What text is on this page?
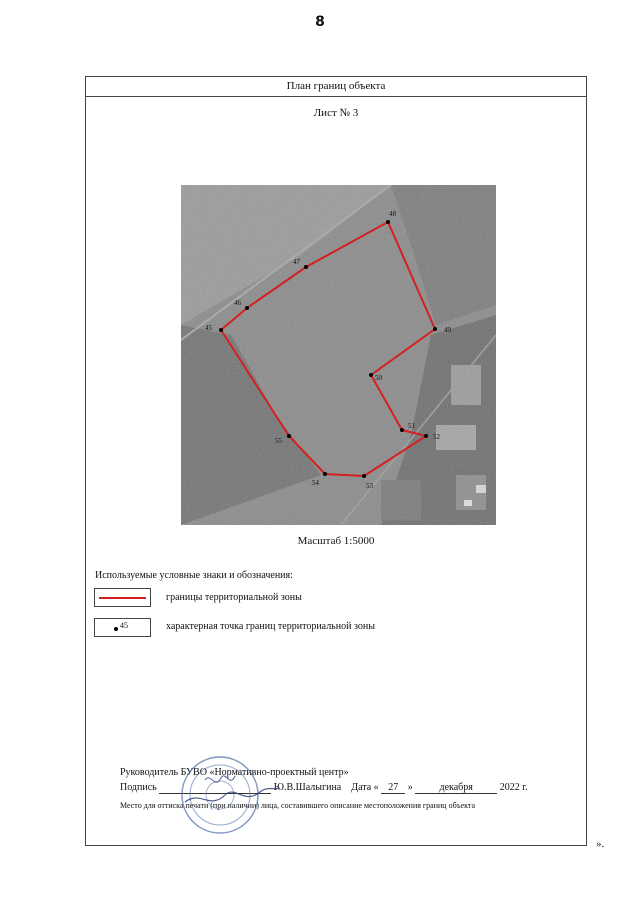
8
План границ объекта
Лист № 3
45
46
47
48
49
50
51
52
53
54
55
Масштаб 1:5000
Используемые условные знаки и обозначения:
границы территориальной зоны
45	характерная точка границ территориальной зоны
Руководитель БУВО «Нормативно-проектный центр»
Подпись	Ю.В.Шалыгина Дата « 27 »	декабря	2022 г.
Место для оттиска печати (при наличии) лица, составившего описание местоположения границ объекта
».
